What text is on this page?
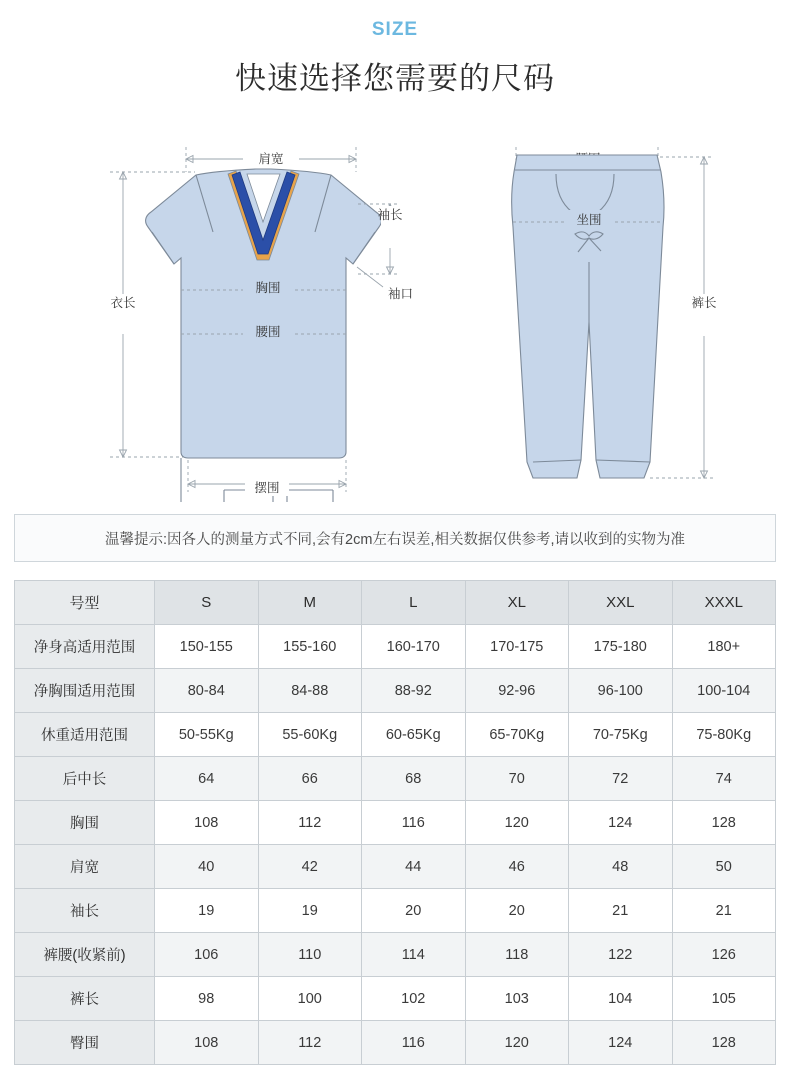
SIZE
快速选择您需要的尺码
肩宽
衣长
胸围
腰围
袖长
袖口
摆围
坐围
裤长
温馨提示:因各人的测量方式不同,会有2cm左右误差,相关数据仅供参考,请以收到的实物为准
号型	S	M	L	XL	XXL	XXXL
净身高适用范围	150-155	155-160	160-170	170-175	175-180	180+
净胸围适用范围	80-84	84-88	88-92	92-96	96-100	100-104
休重适用范围	50-55Kg	55-60Kg	60-65Kg	65-70Kg	70-75Kg	75-80Kg
后中长	64	66	68	70	72	74
胸围	108	112	116	120	124	128
肩宽	40	42	44	46	48	50
袖长	19	19	20	20	21	21
裤腰(收紧前)	106	110	114	118	122	126
裤长	98	100	102	103	104	105
臀围	108	112	116	120	124	128
